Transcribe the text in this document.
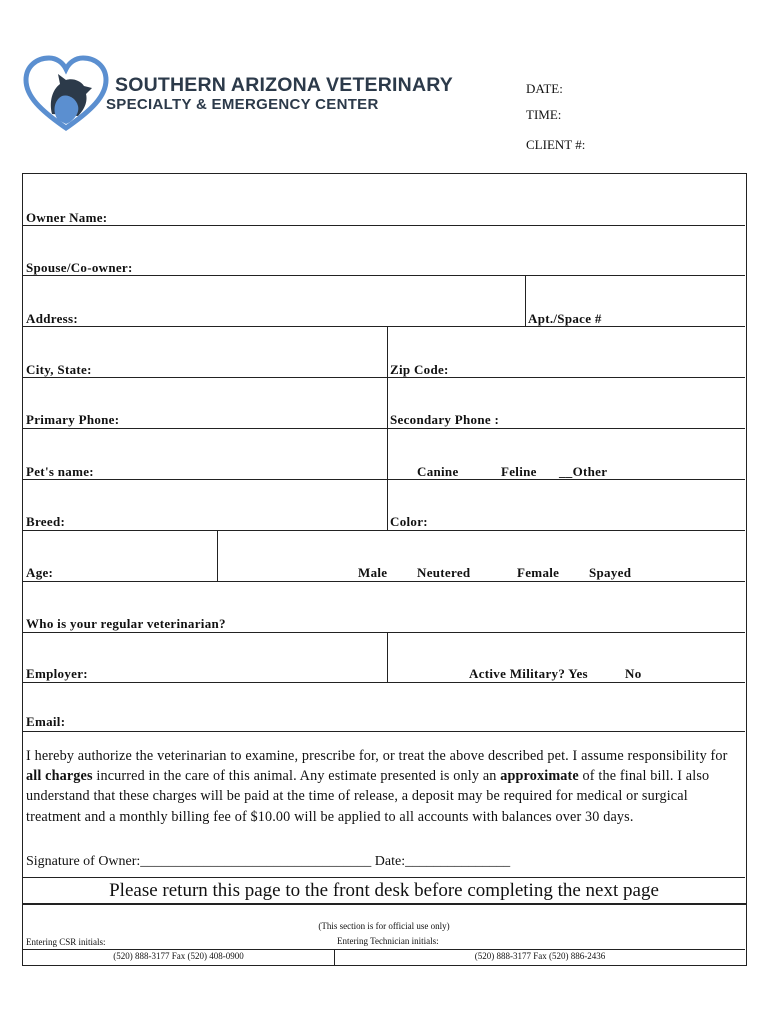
SOUTHERN ARIZONA VETERINARY
SPECIALTY & EMERGENCY CENTER
DATE:
TIME:
CLIENT #:
Owner Name:
Spouse/Co-owner:
Address:	Apt./Space #
City, State:	Zip Code:
Primary Phone:	Secondary Phone :
Pet's name:	Canine	Feline __Other
Breed:	Color:
Age:	Male Neutered	Female Spayed
Who is your regular veterinarian?
Employer:	Active Military? Yes	No
Email:
I hereby authorize the veterinarian to examine, prescribe for, or treat the above described pet. I assume responsibility for all charges incurred in the care of this animal. Any estimate presented is only an approximate of the final bill. I also understand that these charges will be paid at the time of release, a deposit may be required for medical or surgical treatment and a monthly billing fee of $10.00 will be applied to all accounts with balances over 30 days.
Signature of Owner:_________________________________ Date:_______________
Please return this page to the front desk before completing the next page
(This section is for official use only)
Entering CSR initials:	Entering Technician initials:
(520) 888-3177 Fax (520) 408-0900	(520) 888-3177 Fax (520) 886-2436
